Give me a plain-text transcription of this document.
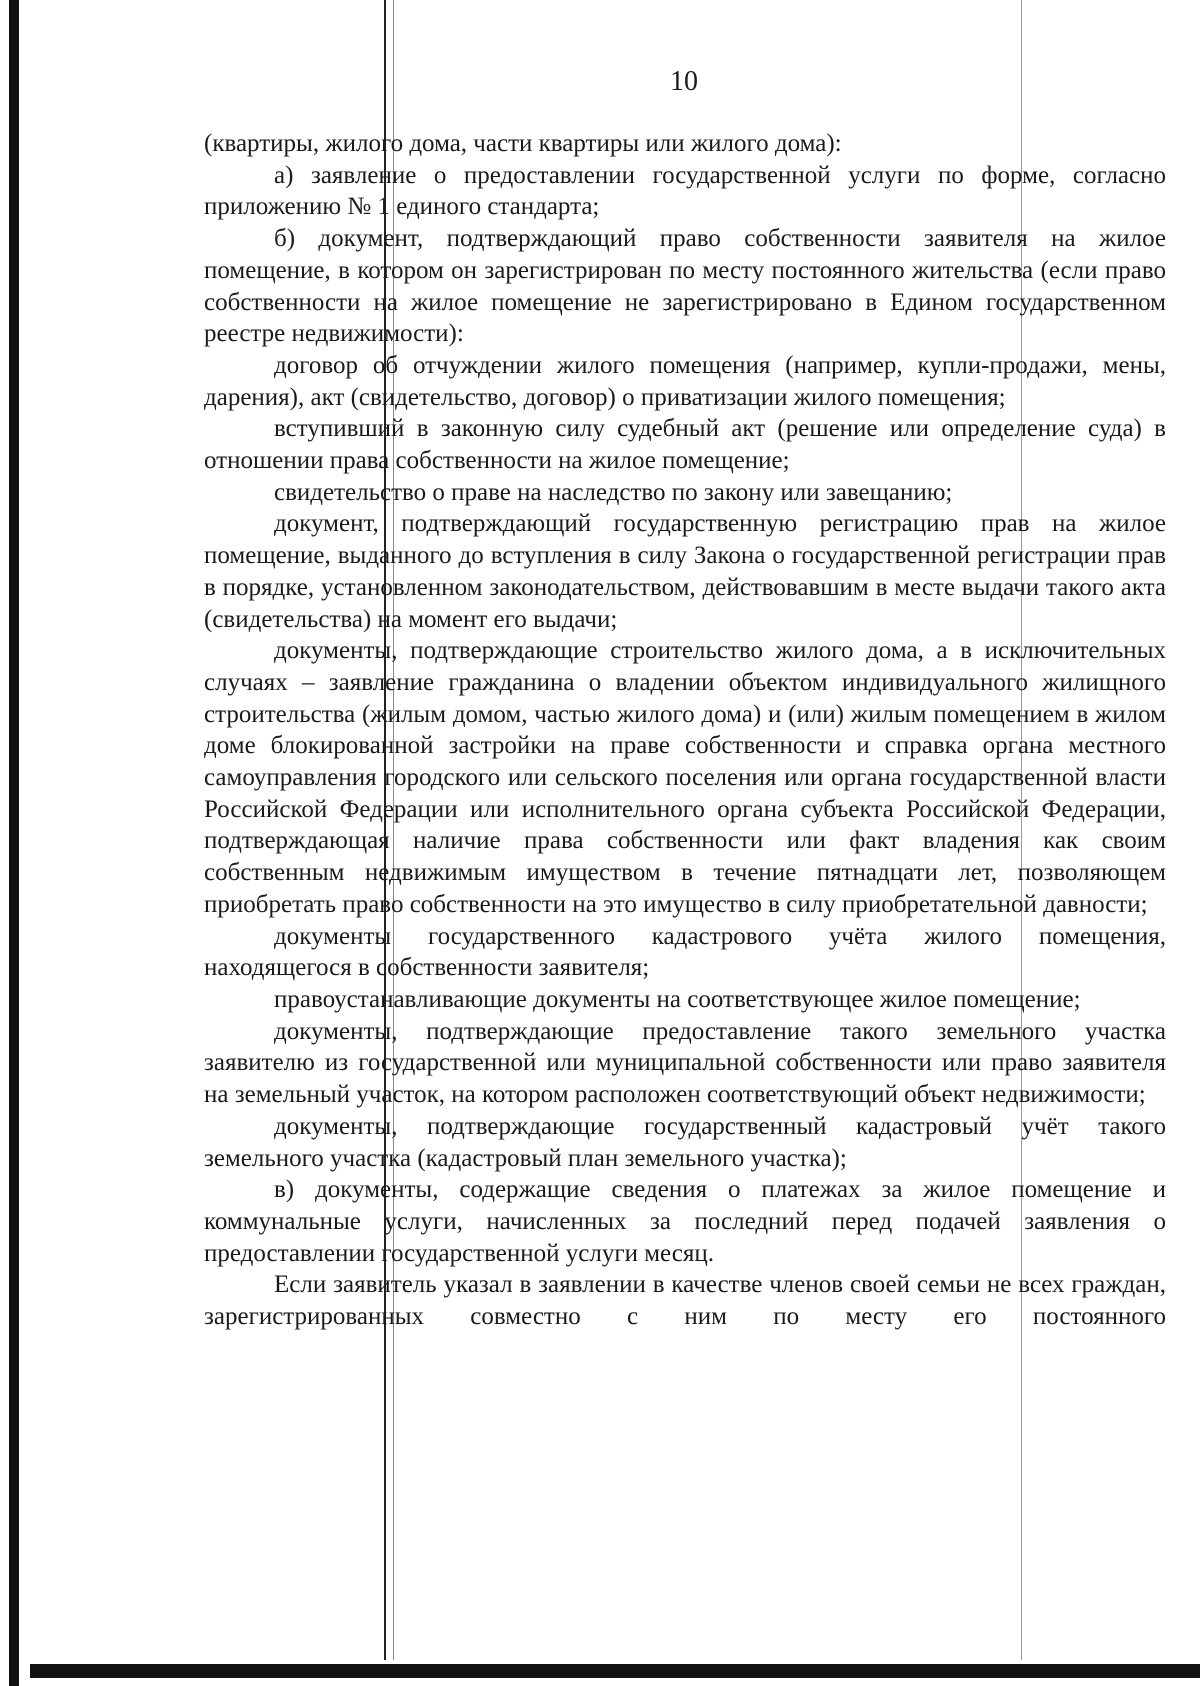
10

(квартиры, жилого дома, части квартиры или жилого дома):

а) заявление о предоставлении государственной услуги по форме, согласно приложению № 1 единого стандарта;

б) документ, подтверждающий право собственности заявителя на жилое помещение, в котором он зарегистрирован по месту постоянного жительства (если право собственности на жилое помещение не зарегистрировано в Едином государственном реестре недвижимости):

договор об отчуждении жилого помещения (например, купли-продажи, мены, дарения), акт (свидетельство, договор) о приватизации жилого помещения;

вступивший в законную силу судебный акт (решение или определение суда) в отношении права собственности на жилое помещение;

свидетельство о праве на наследство по закону или завещанию;

документ, подтверждающий государственную регистрацию прав на жилое помещение, выданного до вступления в силу Закона о государственной регистрации прав в порядке, установленном законодательством, действовавшим в месте выдачи такого акта (свидетельства) на момент его выдачи;

документы, подтверждающие строительство жилого дома, а в исключительных случаях – заявление гражданина о владении объектом индивидуального жилищного строительства (жилым домом, частью жилого дома) и (или) жилым помещением в жилом доме блокированной застройки на праве собственности и справка органа местного самоуправления городского или сельского поселения или органа государственной власти Российской Федерации или исполнительного органа субъекта Российской Федерации, подтверждающая наличие права собственности или факт владения как своим собственным недвижимым имуществом в течение пятнадцати лет, позволяющем приобретать право собственности на это имущество в силу приобретательной давности;

документы государственного кадастрового учёта жилого помещения, находящегося в собственности заявителя;

правоустанавливающие документы на соответствующее жилое помещение;

документы, подтверждающие предоставление такого земельного участка заявителю из государственной или муниципальной собственности или право заявителя на земельный участок, на котором расположен соответствующий объект недвижимости;

документы, подтверждающие государственный кадастровый учёт такого земельного участка (кадастровый план земельного участка);

в) документы, содержащие сведения о платежах за жилое помещение и коммунальные услуги, начисленных за последний перед подачей заявления о предоставлении государственной услуги месяц.

Если заявитель указал в заявлении в качестве членов своей семьи не всех граждан, зарегистрированных совместно с ним по месту его постоянного
